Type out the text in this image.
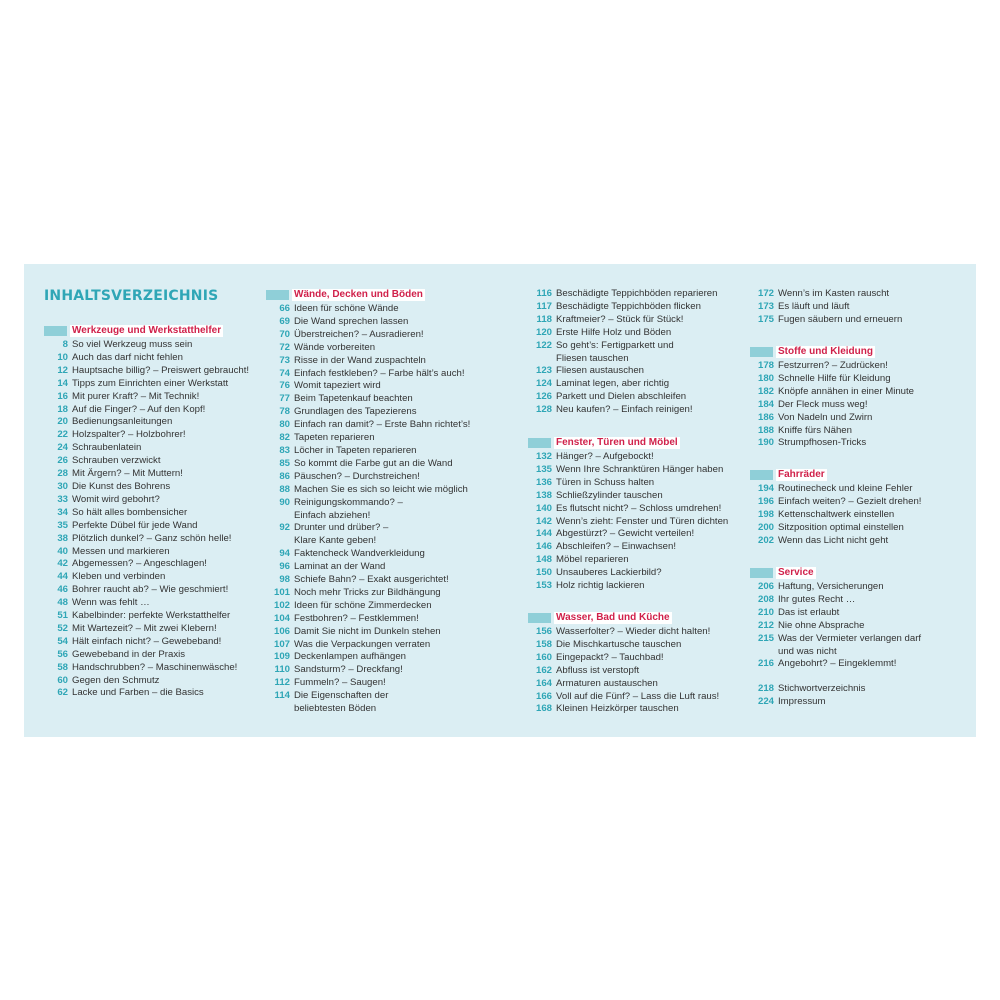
INHALTSVERZEICHNIS
Werkzeuge und Werkstatthelfer
8 So viel Werkzeug muss sein
10 Auch das darf nicht fehlen
12 Hauptsache billig? – Preiswert gebraucht!
14 Tipps zum Einrichten einer Werkstatt
16 Mit purer Kraft? – Mit Technik!
18 Auf die Finger? – Auf den Kopf!
20 Bedienungsanleitungen
22 Holzspalter? – Holzbohrer!
24 Schraubenlatein
26 Schrauben verzwickt
28 Mit Ärgern? – Mit Muttern!
30 Die Kunst des Bohrens
33 Womit wird gebohrt?
34 So hält alles bombensicher
35 Perfekte Dübel für jede Wand
38 Plötzlich dunkel? – Ganz schön helle!
40 Messen und markieren
42 Abgemessen? – Angeschlagen!
44 Kleben und verbinden
46 Bohrer raucht ab? – Wie geschmiert!
48 Wenn was fehlt …
51 Kabelbinder: perfekte Werkstatthelfer
52 Mit Wartezeit? – Mit zwei Klebern!
54 Hält einfach nicht? – Gewebeband!
56 Gewebeband in der Praxis
58 Handschrubben? – Maschinenwäsche!
60 Gegen den Schmutz
62 Lacke und Farben – die Basics
Wände, Decken und Böden
66 Ideen für schöne Wände
69 Die Wand sprechen lassen
70 Überstreichen? – Ausradieren!
72 Wände vorbereiten
73 Risse in der Wand zuspachteln
74 Einfach festkleben? – Farbe hält’s auch!
76 Womit tapeziert wird
77 Beim Tapetenkauf beachten
78 Grundlagen des Tapezierens
80 Einfach ran damit? – Erste Bahn richtet’s!
82 Tapeten reparieren
83 Löcher in Tapeten reparieren
85 So kommt die Farbe gut an die Wand
86 Päuschen? – Durchstreichen!
88 Machen Sie es sich so leicht wie möglich
90 Reinigungskommando? –
Einfach abziehen!
92 Drunter und drüber? –
Klare Kante geben!
94 Faktencheck Wandverkleidung
96 Laminat an der Wand
98 Schiefe Bahn? – Exakt ausgerichtet!
101 Noch mehr Tricks zur Bildhängung
102 Ideen für schöne Zimmerdecken
104 Festbohren? – Festklemmen!
106 Damit Sie nicht im Dunkeln stehen
107 Was die Verpackungen verraten
109 Deckenlampen aufhängen
110 Sandsturm? – Dreckfang!
112 Fummeln? – Saugen!
114 Die Eigenschaften der
beliebtesten Böden
116 Beschädigte Teppichböden reparieren
117 Beschädigte Teppichböden flicken
118 Kraftmeier? – Stück für Stück!
120 Erste Hilfe Holz und Böden
122 So geht’s: Fertigparkett und
Fliesen tauschen
123 Fliesen austauschen
124 Laminat legen, aber richtig
126 Parkett und Dielen abschleifen
128 Neu kaufen? – Einfach reinigen!
Fenster, Türen und Möbel
132 Hänger? – Aufgebockt!
135 Wenn Ihre Schranktüren Hänger haben
136 Türen in Schuss halten
138 Schließzylinder tauschen
140 Es flutscht nicht? – Schloss umdrehen!
142 Wenn’s zieht: Fenster und Türen dichten
144 Abgestürzt? – Gewicht verteilen!
146 Abschleifen? – Einwachsen!
148 Möbel reparieren
150 Unsauberes Lackierbild?
153 Holz richtig lackieren
Wasser, Bad und Küche
156 Wasserfolter? – Wieder dicht halten!
158 Die Mischkartusche tauschen
160 Eingepackt? – Tauchbad!
162 Abfluss ist verstopft
164 Armaturen austauschen
166 Voll auf die Fünf? – Lass die Luft raus!
168 Kleinen Heizkörper tauschen
172 Wenn’s im Kasten rauscht
173 Es läuft und läuft
175 Fugen säubern und erneuern
Stoffe und Kleidung
178 Festzurren? – Zudrücken!
180 Schnelle Hilfe für Kleidung
182 Knöpfe annähen in einer Minute
184 Der Fleck muss weg!
186 Von Nadeln und Zwirn
188 Kniffe fürs Nähen
190 Strumpfhosen-Tricks
Fahrräder
194 Routinecheck und kleine Fehler
196 Einfach weiten? – Gezielt drehen!
198 Kettenschaltwerk einstellen
200 Sitzposition optimal einstellen
202 Wenn das Licht nicht geht
Service
206 Haftung, Versicherungen
208 Ihr gutes Recht …
210 Das ist erlaubt
212 Nie ohne Absprache
215 Was der Vermieter verlangen darf
und was nicht
216 Angebohrt? – Eingeklemmt!
218 Stichwortverzeichnis
224 Impressum
